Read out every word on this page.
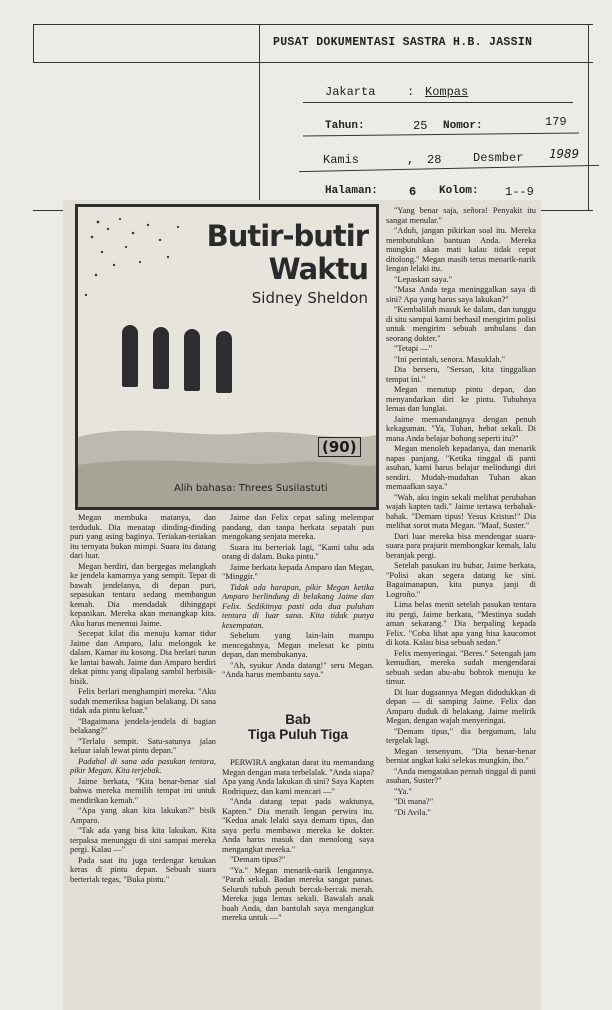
PUSAT DOKUMENTASI SASTRA H.B. JASSIN
Jakarta	: Kompas
Tahun:	25 Nomor:	179
Kamis	, 28	Desmber 1989
Halaman:	6 Kolom: 1--9
Butir-butir
Waktu
Sidney Sheldon
(90)
Alih bahasa: Threes Susilastuti

Megan membuka matanya, dan terduduk. Dia menatap dinding-dinding puri yang asing baginya. Teriakan-teriakan itu ternyata bukan mimpi. Suara itu datang dari luar.

Megan berdiri, dan bergegas melangkah ke jendela kamarnya yang sempit. Tepat di bawah jendelanya, di depan puri, sepasukan tentara sedang membangun kemah. Dia mendadak dihinggapi kepanikan. Mereka akan menangkap kita. Aku harus menemui Jaime.

Secepat kilat dia menuju kamar tidur Jaime dan Amparo, lalu melongok ke dalam. Kamar itu kosong. Dia berlari turun ke lantai bawah. Jaime dan Amparo berdiri dekat pintu yang dipalang sambil berbisik-bisik.

Felix berlari menghampiri mereka. "Aku sudah memeriksa bagian belakang. Di sana tidak ada pintu keluar."

"Bagaimana jendela-jendela di bagian belakang?"

"Terlalu sempit. Satu-satunya jalan keluar ialah lewat pintu depan."

Padahal di sana ada pasukan tentara, pikir Megan. Kita terjebak.

Jaime berkata, "Kita benar-benar sial bahwa mereka memilih tempat ini untuk mendirikan kemah."

"Apa yang akan kita lakukan?" bisik Amparo.

"Tak ada yang bisa kita lakukan. Kita terpaksa menunggu di sini sampai mereka pergi. Kalau —"

Pada saat itu juga terdengar ketukan keras di pintu depan. Sebuah suara berteriak tegas, "Buka pintu."

Jaime dan Felix cepat saling melempar pandang, dan tanpa berkata sepatah pun mengokang senjata mereka.

Suara itu berteriak lagi, "Kami tahu ada orang di dalam. Buka pintu."

Jaime berkata kepada Amparo dan Megan, "Minggir."

Tidak ada harapan, pikir Megan ketika Amparo berlindung di belakang Jaime dan Felix. Sedikitnya pasti ada dua puluhan tentara di luar sana. Kita tidak punya kesempatan.

Sebelum yang lain-lain mampu mencegahnya, Megan melesat ke pintu depan, dan membukanya.

"Ah, syukur Anda datang!" seru Megan. "Anda harus membantu saya."

Bab
Tiga Puluh Tiga

PERWIRA angkatan darat itu memandang Megan dengan mata terbelalak. "Anda siapa? Apa yang Anda lakukan di sini? Saya Kapten Rodriquez, dan kami mencari —"

"Anda datang tepat pada waktunya, Kapten." Dia meraih lengan perwira itu. "Kedua anak lelaki saya demam tipus, dan saya perlu membawa mereka ke dokter. Anda harus masuk dan menolong saya mengangkat mereka."

"Demam tipus?"

"Ya." Megan menarik-narik lengannya. "Parah sekali. Badan mereka sangat panas. Seluruh tubuh penuh bercak-bercak merah. Mereka juga lemas sekali. Bawalah anak buah Anda, dan bantulah saya mengangkat mereka untuk —"

"Yang benar saja, señora! Penyakit itu sangat menular."

"Aduh, jangan pikirkan soal itu. Mereka membutuhkan bantuan Anda. Mereka mungkin akan mati kalau tidak cepat ditolong." Megan masih terus menarik-narik lengan lelaki itu.

"Lepaskan saya."

"Masa Anda tega meninggalkan saya di sini? Apa yang harus saya lakukan?"

"Kembalilah masuk ke dalam, dan tunggu di situ sampai kami berhasil mengirim polisi untuk mengirim sebuah ambulans dan seorang dokter."

"Tetapi —"

"Ini perintah, senora. Masuklah."

Dia berseru, "Sersan, kita tinggalkan tempat ini."

Megan menutup pintu depan, dan menyandarkan diri ke pintu. Tubuhnya lemas dan lunglai.

Jaime memandangnya dengan penuh kekaguman. "Ya, Tuhan, hebat sekali. Di mana Anda belajar bohong seperti itu?"

Megan menoleh kepadanya, dan menarik napas panjang. "Ketika tinggal di panti asuhan, kami harus belajar melindungi diri sendiri. Mudah-mudahan Tuhan akan memaafkan saya."

"Wah, aku ingin sekali melihat perubahan wajah kapten tadi." Jaime tertawa terbahak-bahak. "Demam tipus! Yesus Kristus!" Dia melihat sorot mata Megan. "Maaf, Suster."

Dari luar mereka bisa mendengar suara-suara para prajurit membongkar kemah, lalu beranjak pergi.

Setelah pasukan itu bubar, Jaime berkata, "Polisi akan segera datang ke sini. Bagaimanapun, kita punya janji di Logroño."

Lima belas menit setelah pasukan tentara itu pergi, Jaime berkata, "Mestinya sudah aman sekarang." Dia berpaling kepada Felix. "Coba lihat apa yang bisa kaucomot di kota. Kalau bisa sebuah sedan."

Felix menyeringai. "Beres." Setengah jam kemudian, mereka sudah mengendarai sebuah sedan abu-abu bobrok menuju ke timur.

Di luar dugaannya Megan didudukkan di depan — di samping Jaime. Felix dan Amparo duduk di belakang. Jaime melirik Megan, dengan wajah menyeringai.

"Demam tipus," dia bergumam, lalu tergelak lagi.

Megan tersenyum. "Dia benar-benar berniat angkat kaki selekas mungkin, iho."

"Anda mengatakan pernah tinggal di panti asuhan, Suster?"

"Ya."

"Di mana?"

"Di Avila."
